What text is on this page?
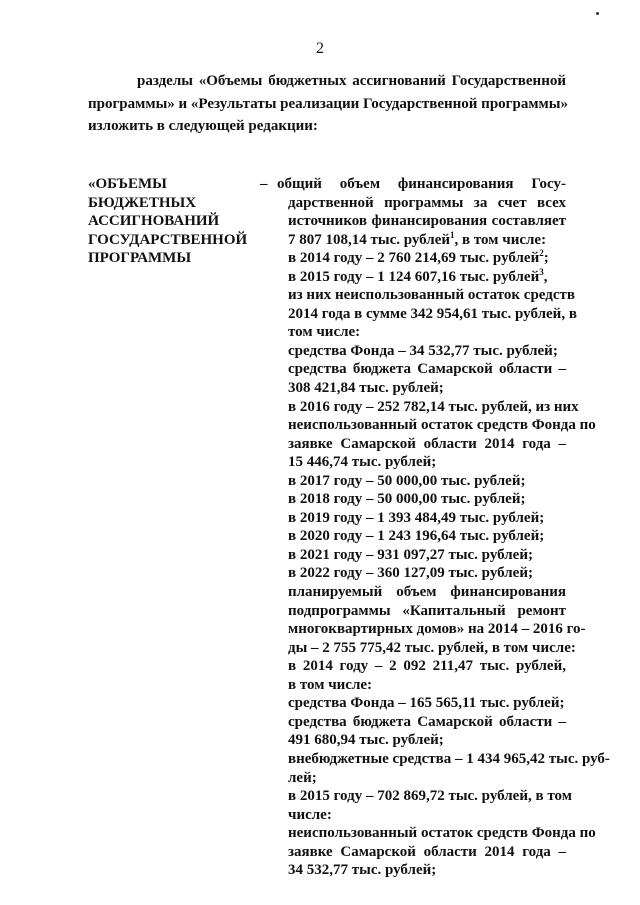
2
разделы «Объемы бюджетных ассигнований Государственной
программы» и «Результаты реализации Государственной программы»
изложить в следующей редакции:
«ОБЪЕМЫ
БЮДЖЕТНЫХ
АССИГНОВАНИЙ
ГОСУДАРСТВЕННОЙ
ПРОГРАММЫ
– общий объем финансирования Госу-
дарственной программы за счет всех
источников финансирования составляет
7 807 108,14 тыс. рублей$^1$, в том числе:
в 2014 году – 2 760 214,69 тыс. рублей$^2$;
в 2015 году – 1 124 607,16 тыс. рублей$^3$,
из них неиспользованный остаток средств
2014 года в сумме 342 954,61 тыс. рублей, в
том числе:
средства Фонда – 34 532,77 тыс. рублей;
средства бюджета Самарской области –
308 421,84 тыс. рублей;
в 2016 году – 252 782,14 тыс. рублей, из них
неиспользованный остаток средств Фонда по
заявке Самарской области 2014 года –
15 446,74 тыс. рублей;
в 2017 году – 50 000,00 тыс. рублей;
в 2018 году – 50 000,00 тыс. рублей;
в 2019 году – 1 393 484,49 тыс. рублей;
в 2020 году – 1 243 196,64 тыс. рублей;
в 2021 году – 931 097,27 тыс. рублей;
в 2022 году – 360 127,09 тыс. рублей;
планируемый объем финансирования
подпрограммы «Капитальный ремонт
многоквартирных домов» на 2014 – 2016 го-
ды – 2 755 775,42 тыс. рублей, в том числе:
в 2014 году – 2 092 211,47 тыс. рублей,
в том числе:
средства Фонда – 165 565,11 тыс. рублей;
средства бюджета Самарской области –
491 680,94 тыс. рублей;
внебюджетные средства – 1 434 965,42 тыс. руб-
лей;
в 2015 году – 702 869,72 тыс. рублей, в том
числе:
неиспользованный остаток средств Фонда по
заявке Самарской области 2014 года –
34 532,77 тыс. рублей;
